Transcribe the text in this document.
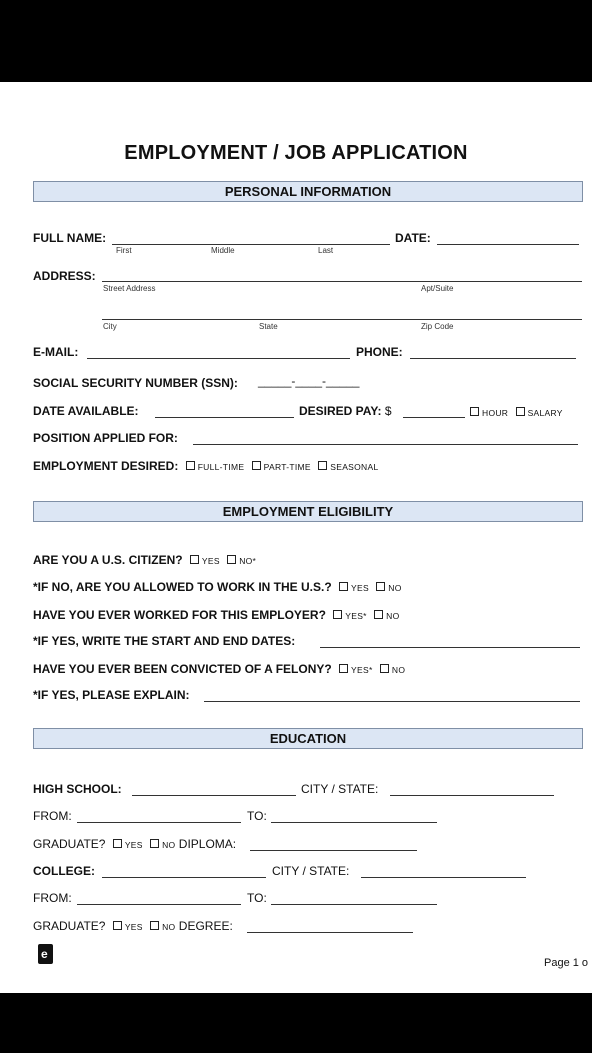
EMPLOYMENT / JOB APPLICATION
PERSONAL INFORMATION
FULL NAME:
First	Middle	Last
DATE:
ADDRESS:
Street Address	Apt/Suite
City	State	Zip Code
E-MAIL:	PHONE:
SOCIAL SECURITY NUMBER (SSN): _____-____-_____
DATE AVAILABLE:	DESIRED PAY: $	HOUR SALARY
POSITION APPLIED FOR:
EMPLOYMENT DESIRED: FULL-TIME PART-TIME SEASONAL
EMPLOYMENT ELIGIBILITY
ARE YOU A U.S. CITIZEN? YES NO*
*IF NO, ARE YOU ALLOWED TO WORK IN THE U.S.? YES NO
HAVE YOU EVER WORKED FOR THIS EMPLOYER? YES* NO
*IF YES, WRITE THE START AND END DATES:
HAVE YOU EVER BEEN CONVICTED OF A FELONY? YES* NO
*IF YES, PLEASE EXPLAIN:
EDUCATION
HIGH SCHOOL:	CITY / STATE:
FROM:	TO:
GRADUATE? YES NO DIPLOMA:
COLLEGE:	CITY / STATE:
FROM:	TO:
GRADUATE? YES NO DEGREE:
e
Page 1 o
